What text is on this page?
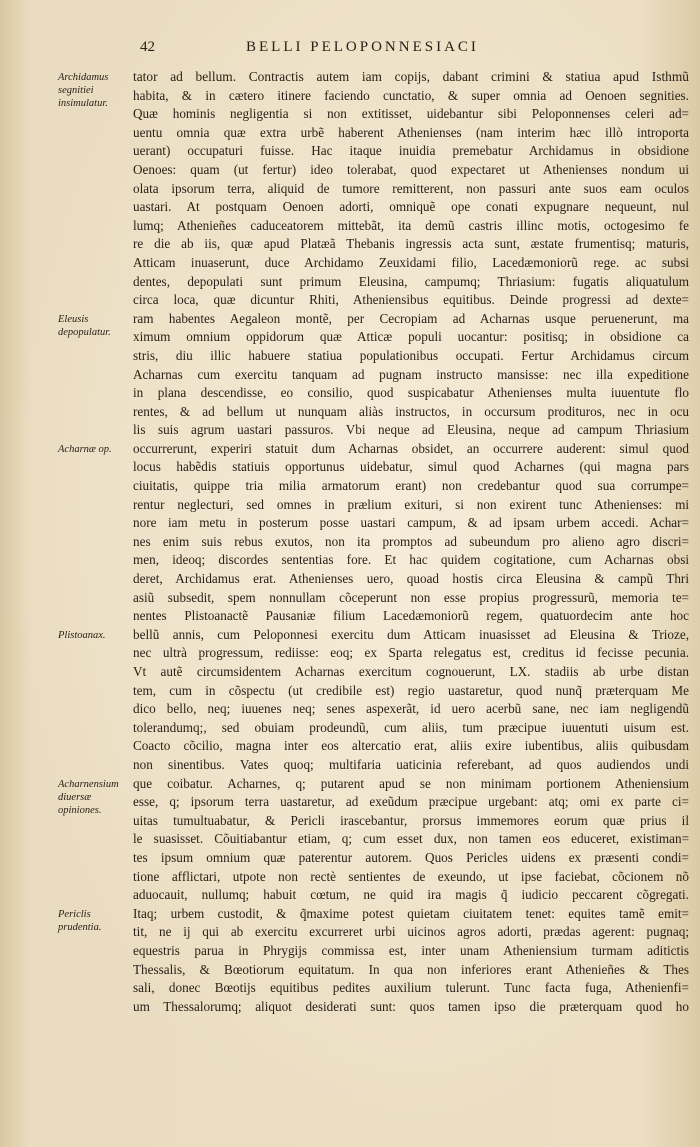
42	BELLI PELOPONNESIACI
Archidamus segnitiei insimulatur.
Eleusis depopulatur.
Acharnæ op.
Plistoanax.
Acharnensium diuersæ opiniones.
Periclis prudentia.
tator ad bellum. Contractis autem iam copijs, dabant crimini & statiua apud Isthmũ
habita, & in cætero itinere faciendo cunctatio, & super omnia ad Oenoen segnities.
Quæ hominis negligentia si non extitisset, uidebantur sibi Peloponnenses celeri ad=
uentu omnia quæ extra urbẽ haberent Athenienses (nam interim hæc illò introporta
uerant) occupaturi fuisse. Hac itaque inuidia premebatur Archidamus in obsidione
Oenoes: quam (ut fertur) ideo tolerabat, quod expectaret ut Athenienses nondum ui
olata ipsorum terra, aliquid de tumore remitterent, non passuri ante suos eam oculos
uastari. At postquam Oenoen adorti, omniquẽ ope conati expugnare nequeunt, nul
lumq; Athenieñes caduceatorem mittebãt, ita demũ castris illinc motis, octogesimo fe
re die ab iis, quæ apud Platæã Thebanis ingressis acta sunt, æstate frumentisq; maturis,
Atticam inuaserunt, duce Archidamo Zeuxidami filio, Lacedæmoniorũ rege. ac subsi
dentes, depopulati sunt primum Eleusina, campumq; Thriasium: fugatis aliquatulum
circa loca, quæ dicuntur Rhiti, Atheniensibus equitibus. Deinde progressi ad dexte=
ram habentes Aegaleon montẽ, per Cecropiam ad Acharnas usque peruenerunt, ma
ximum omnium oppidorum quæ Atticæ populi uocantur: positisq; in obsidione ca
stris, diu illic habuere statiua populationibus occupati. Fertur Archidamus circum
Acharnas cum exercitu tanquam ad pugnam instructo mansisse: nec illa expeditione
in plana descendisse, eo consilio, quod suspicabatur Athenienses multa iuuentute flo
rentes, & ad bellum ut nunquam aliàs instructos, in occursum prodituros, nec in ocu
lis suis agrum uastari passuros. Vbi neque ad Eleusina, neque ad campum Thriasium
occurrerunt, experiri statuit dum Acharnas obsidet, an occurrere auderent: simul quod
locus habẽdis statiuis opportunus uidebatur, simul quod Acharnes (qui magna pars
ciuitatis, quippe tria milia armatorum erant) non credebantur quod sua corrumpe=
rentur neglecturi, sed omnes in prælium exituri, si non exirent tunc Athenienses: mi
nore iam metu in posterum posse uastari campum, & ad ipsam urbem accedi. Achar=
nes enim suis rebus exutos, non ita promptos ad subeundum pro alieno agro discri=
men, ideoq; discordes sententias fore. Et hac quidem cogitatione, cum Acharnas obsi
deret, Archidamus erat. Athenienses uero, quoad hostis circa Eleusina & campũ Thri
asiũ subsedit, spem nonnullam cõceperunt non esse propius progressurũ, memoria te=
nentes Plistoanactẽ Pausaniæ filium Lacedæmoniorũ regem, quatuordecim ante hoc
bellũ annis, cum Peloponnesi exercitu dum Atticam inuasisset ad Eleusina & Trioze,
nec ultrà progressum, rediisse: eoq; ex Sparta relegatus est, creditus id fecisse pecunia.
Vt autẽ circumsidentem Acharnas exercitum cognouerunt, LX. stadiis ab urbe distan
tem, cum in cõspectu (ut credibile est) regio uastaretur, quod nunq̃ præterquam Me
dico bello, neq; iuuenes neq; senes aspexerãt, id uero acerbũ sane, nec iam negligendũ
tolerandumq;, sed obuiam prodeundũ, cum aliis, tum præcipue iuuentuti uisum est.
Coacto cõcilio, magna inter eos altercatio erat, aliis exire iubentibus, aliis quibusdam
non sinentibus. Vates quoq; multifaria uaticinia referebant, ad quos audiendos undi
que coibatur. Acharnes, q; putarent apud se non minimam portionem Atheniensium
esse, q; ipsorum terra uastaretur, ad exeũdum præcipue urgebant: atq; omi ex parte ci=
uitas tumultuabatur, & Pericli irascebantur, prorsus immemores eorum quæ prius il
le suasisset. Cõuitiabantur etiam, q; cum esset dux, non tamen eos educeret, existiman=
tes ipsum omnium quæ paterentur autorem. Quos Pericles uidens ex præsenti condi=
tione afflictari, utpote non rectè sentientes de exeundo, ut ipse faciebat, cõcionem nõ
aduocauit, nullumq; habuit cœtum, ne quid ira magis q̃ iudicio peccarent cõgregati.
Itaq; urbem custodit, & q̃maxime potest quietam ciuitatem tenet: equites tamẽ emit=
tit, ne ij qui ab exercitu excurreret urbi uicinos agros adorti, prædas agerent: pugnaq;
equestris parua in Phrygijs commissa est, inter unam Atheniensium turmam aditictis
Thessalis, & Bœotiorum equitatum. In qua non inferiores erant Athenieñes & Thes
sali, donec Bœotijs equitibus pedites auxilium tulerunt. Tunc facta fuga, Athenienfi=
um Thessalorumq; aliquot desiderati sunt: quos tamen ipso die præterquam quod ho
